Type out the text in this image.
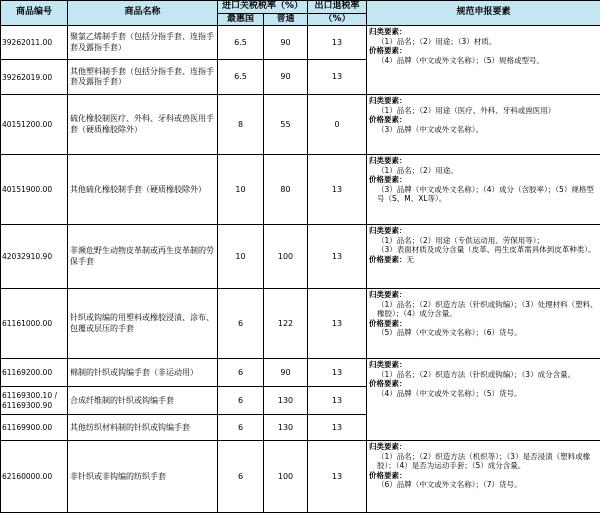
商品编号	商品名称	进口关税税率（%）		出口退税率	规范申报要素
		最惠国	普通	（%）	
39262011.00	聚氯乙烯制手套（包括分指手套、连指手套及露指手套）	6.5	90	13	归类要素：
（1）品名；（2）用途；（3）材质。
价格要素：
（4）品牌（中文或外文名称）；（5）规格或型号。

39262019.00	其他塑料制手套（包括分指手套、连指手套及露指手套）	6.5	90	13	
40151200.00	硫化橡胶制医疗、外科、牙科或兽医用手套（硬质橡胶除外）	8	55	0	归类要素：
（1）品名；（2）用途（医疗、外科、牙科或兽医用）
价格要素：
（3）品牌（中文或外文名称）。

40151900.00	其他硫化橡胶制手套（硬质橡胶除外）	10	80	13	归类要素：
（1）品名；（2）用途。
价格要素：
（3）品牌（中文或外文名称）；（4）成分（含胶率）；（5）规格型号（S、M、XL等）。

42032910.90	非濒危野生动物皮革制或再生皮革制的劳保手套	10	100	13	归类要素：
（1）品名；（2）用途（专供运动用、劳保用等）；
（3）表面材质及成分含量（皮革、再生皮革需具体到皮革种类）。
价格要素：无
61161000.00	针织或钩编的用塑料或橡胶浸渍、涂布、包覆或层压的手套	6	122	13	归类要素：
（1）品名；（2）织造方法（针织或钩编）；（3）处理材料（塑料、橡胶）；（4）成分含量。
价格要素：
（5）品牌（中文或外文名称）；（6）货号。

61169200.00	棉制的针织或钩编手套（非运动用）	6	90	13	归类要素：
（1）品名；（2）织造方法（针织或钩编）；（3）成分含量。
价格要素：
（4）品牌（中文或外文名称）；（5）货号。

61169300.10 / 61169300.90	合成纤维制的针织或钩编手套	6	130	13	
61169900.00	其他纺织材料制的针织或钩编手套	6	130	13	
62160000.00	非针织或非钩编的纺织手套	6	100	13	归类要素：
（1）品名；（2）织造方法（机织等）；（3）是否浸渍（塑料或橡胶）；（4）是否为运动手套；（5）成分含量。
价格要素：
（6）品牌（中文或外文名称）；（7）货号。
